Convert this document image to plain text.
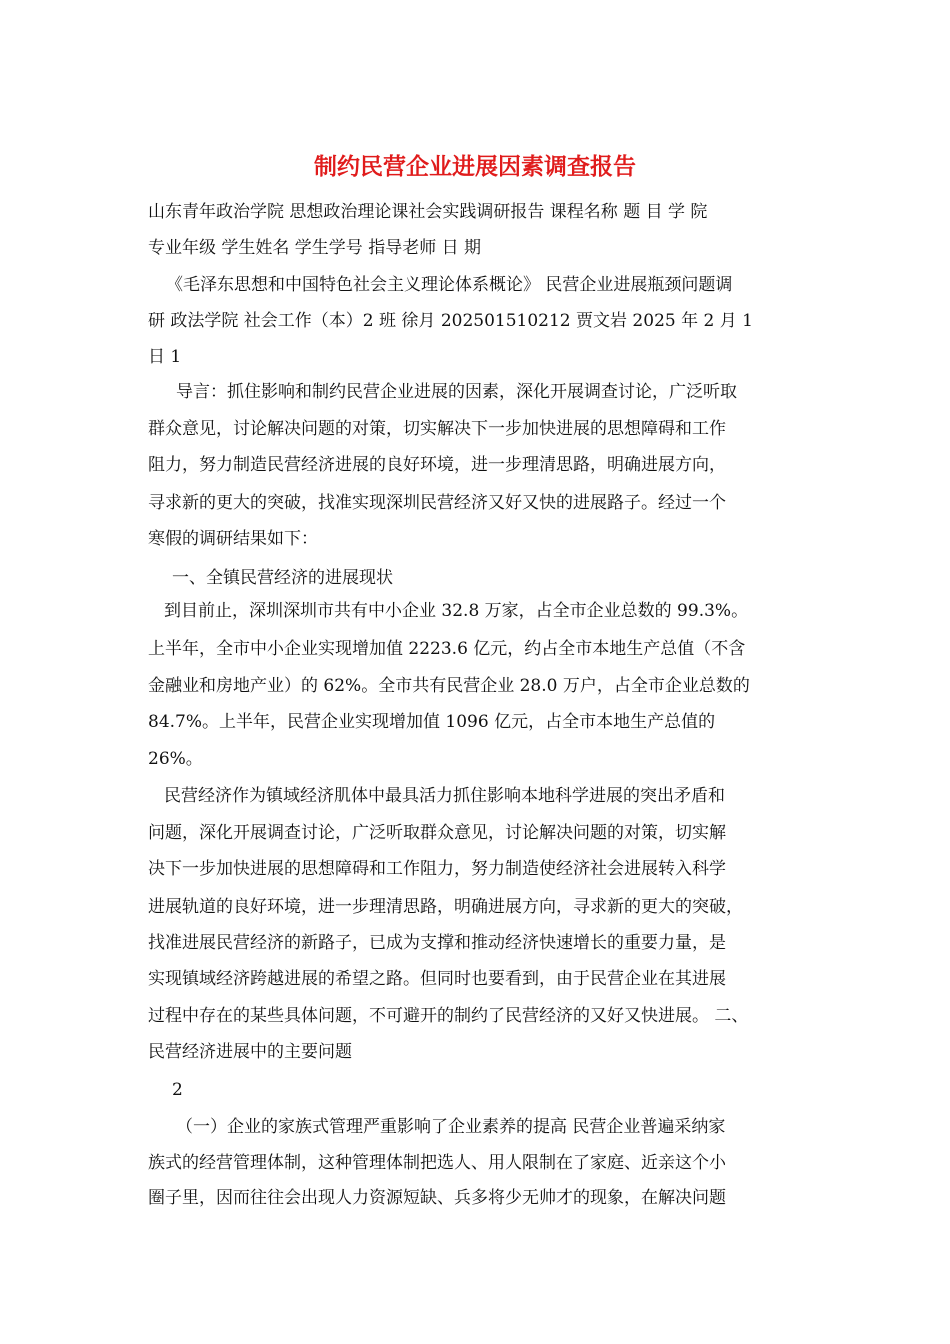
制约民营企业进展因素调查报告
山东青年政治学院 思想政治理论课社会实践调研报告 课程名称 题 目 学 院
专业年级 学生姓名 学生学号 指导老师 日 期
《毛泽东思想和中国特色社会主义理论体系概论》 民营企业进展瓶颈问题调
研 政法学院 社会工作（本）2 班 徐月 202501510212 贾文岩 2025 年 2 月 1
日 1
导言：抓住影响和制约民营企业进展的因素，深化开展调查讨论，广泛听取
群众意见，讨论解决问题的对策，切实解决下一步加快进展的思想障碍和工作
阻力，努力制造民营经济进展的良好环境，进一步理清思路，明确进展方向，
寻求新的更大的突破，找准实现深圳民营经济又好又快的进展路子。经过一个
寒假的调研结果如下：
一、全镇民营经济的进展现状
到目前止，深圳深圳市共有中小企业 32.8 万家，占全市企业总数的 99.3%。
上半年，全市中小企业实现增加值 2223.6 亿元，约占全市本地生产总值（不含
金融业和房地产业）的 62%。全市共有民营企业 28.0 万户，占全市企业总数的
84.7%。上半年，民营企业实现增加值 1096 亿元，占全市本地生产总值的
26%。
民营经济作为镇域经济肌体中最具活力抓住影响本地科学进展的突出矛盾和
问题，深化开展调查讨论，广泛听取群众意见，讨论解决问题的对策，切实解
决下一步加快进展的思想障碍和工作阻力，努力制造使经济社会进展转入科学
进展轨道的良好环境，进一步理清思路，明确进展方向，寻求新的更大的突破，
找准进展民营经济的新路子，已成为支撑和推动经济快速增长的重要力量，是
实现镇域经济跨越进展的希望之路。但同时也要看到，由于民营企业在其进展
过程中存在的某些具体问题，不可避开的制约了民营经济的又好又快进展。 二、
民营经济进展中的主要问题
2
（一）企业的家族式管理严重影响了企业素养的提高 民营企业普遍采纳家
族式的经营管理体制，这种管理体制把选人、用人限制在了家庭、近亲这个小
圈子里，因而往往会出现人力资源短缺、兵多将少无帅才的现象，在解决问题
